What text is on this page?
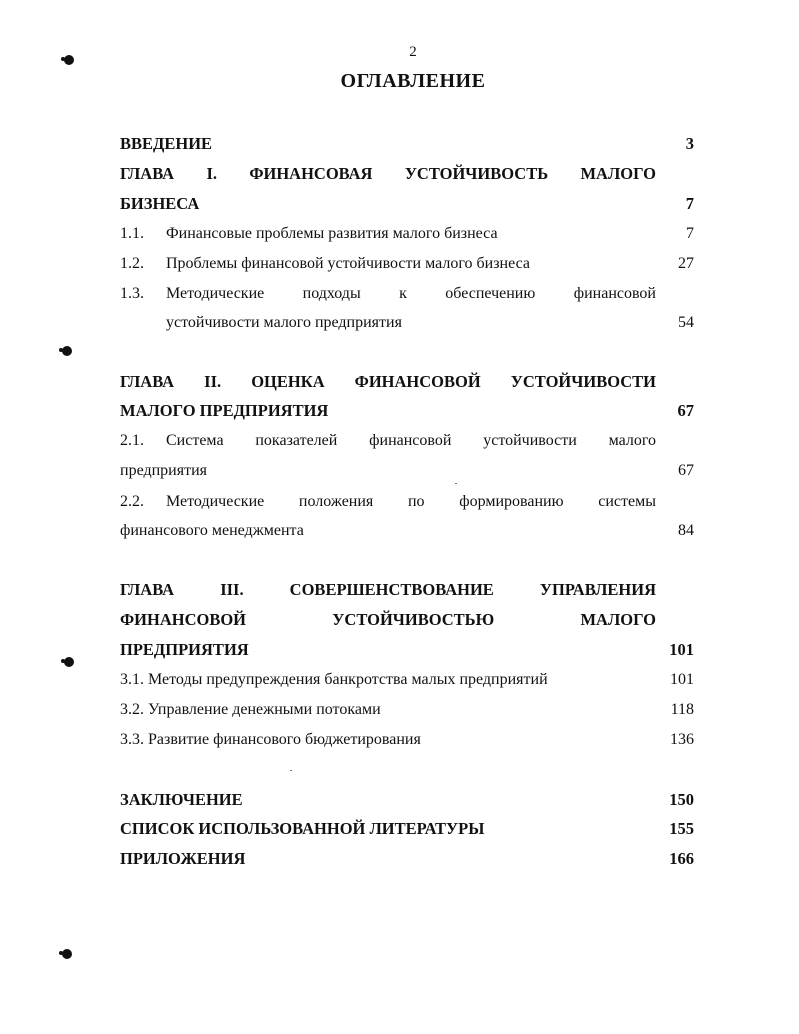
2
ОГЛАВЛЕНИЕ
ВВЕДЕНИЕ	3
ГЛАВА I. ФИНАНСОВАЯ УСТОЙЧИВОСТЬ МАЛОГО
БИЗНЕСА	7
1.1. Финансовые проблемы развития малого бизнеса	7
1.2. Проблемы финансовой устойчивости малого бизнеса	27
1.3. Методические подходы к обеспечению финансовой
устойчивости малого предприятия	54
ГЛАВА II. ОЦЕНКА ФИНАНСОВОЙ УСТОЙЧИВОСТИ
МАЛОГО ПРЕДПРИЯТИЯ	67
2.1. Система показателей финансовой устойчивости малого
предприятия	67
2.2. Методические положения по формированию системы
финансового менеджмента	84
ГЛАВА III. СОВЕРШЕНСТВОВАНИЕ УПРАВЛЕНИЯ
ФИНАНСОВОЙ УСТОЙЧИВОСТЬЮ МАЛОГО
ПРЕДПРИЯТИЯ	101
3.1. Методы предупреждения банкротства малых предприятий	101
3.2. Управление денежными потоками	118
3.3. Развитие финансового бюджетирования	136
ЗАКЛЮЧЕНИЕ	150
СПИСОК ИСПОЛЬЗОВАННОЙ ЛИТЕРАТУРЫ	155
ПРИЛОЖЕНИЯ	166
